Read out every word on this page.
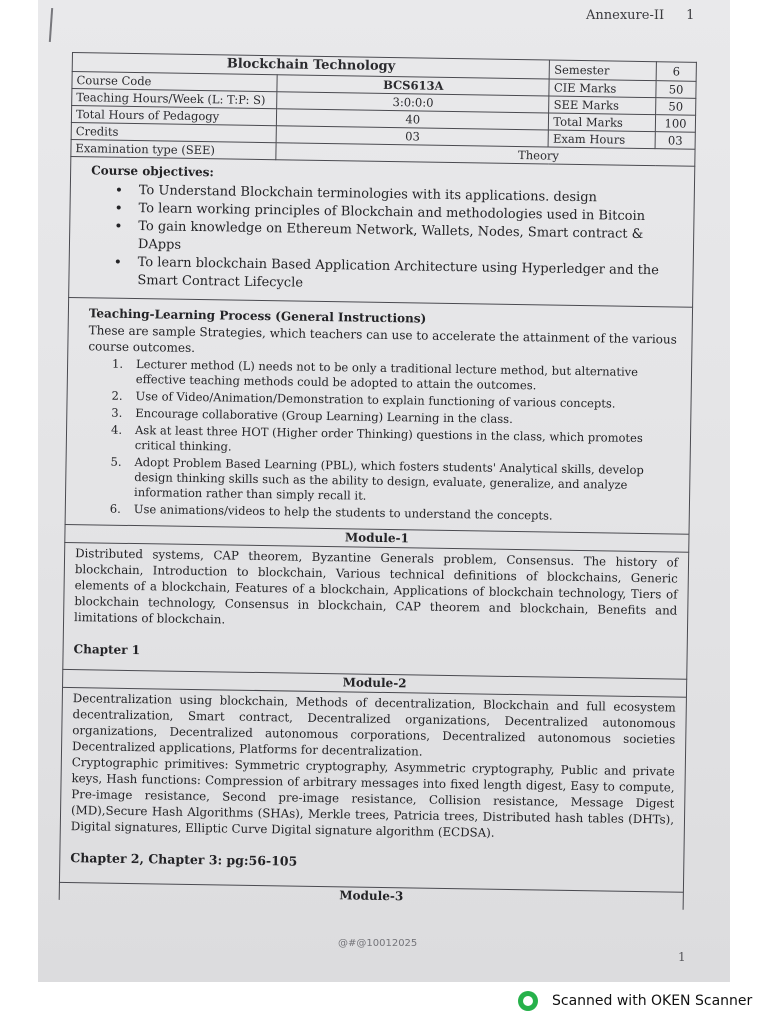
Annexure-II 1
Blockchain Technology		Semester	6
Course Code	BCS613A	CIE Marks	50
Teaching Hours/Week (L: T:P: S)	3:0:0:0	SEE Marks	50
Total Hours of Pedagogy	40	Total Marks	100
Credits	03	Exam Hours	03
Examination type (SEE)	Theory		
Course objectives:
• To Understand Blockchain terminologies with its applications. design
• To learn working principles of Blockchain and methodologies used in Bitcoin
• To gain knowledge on Ethereum Network, Wallets, Nodes, Smart contract & DApps
• To learn blockchain Based Application Architecture using Hyperledger and the Smart Contract Lifecycle
Teaching-Learning Process (General Instructions)
These are sample Strategies, which teachers can use to accelerate the attainment of the various course outcomes.
1. Lecturer method (L) needs not to be only a traditional lecture method, but alternative effective teaching methods could be adopted to attain the outcomes.
2. Use of Video/Animation/Demonstration to explain functioning of various concepts.
3. Encourage collaborative (Group Learning) Learning in the class.
4. Ask at least three HOT (Higher order Thinking) questions in the class, which promotes critical thinking.
5. Adopt Problem Based Learning (PBL), which fosters students' Analytical skills, develop design thinking skills such as the ability to design, evaluate, generalize, and analyze information rather than simply recall it.
6. Use animations/videos to help the students to understand the concepts.
Module-1

Distributed systems, CAP theorem, Byzantine Generals problem, Consensus. The history of blockchain, Introduction to blockchain, Various technical definitions of blockchains, Generic elements of a blockchain, Features of a blockchain, Applications of blockchain technology, Tiers of blockchain technology, Consensus in blockchain, CAP theorem and blockchain, Benefits and limitations of blockchain.

Chapter 1

Module-2

Decentralization using blockchain, Methods of decentralization, Blockchain and full ecosystem decentralization, Smart contract, Decentralized organizations, Decentralized autonomous organizations, Decentralized autonomous corporations, Decentralized autonomous societies Decentralized applications, Platforms for decentralization.

Cryptographic primitives: Symmetric cryptography, Asymmetric cryptography, Public and private keys, Hash functions: Compression of arbitrary messages into fixed length digest, Easy to compute, Pre-image resistance, Second pre-image resistance, Collision resistance, Message Digest (MD),Secure Hash Algorithms (SHAs), Merkle trees, Patricia trees, Distributed hash tables (DHTs), Digital signatures, Elliptic Curve Digital signature algorithm (ECDSA).

Chapter 2, Chapter 3: pg:56-105

Module-3
@#@10012025
1
Scanned with OKEN Scanner
